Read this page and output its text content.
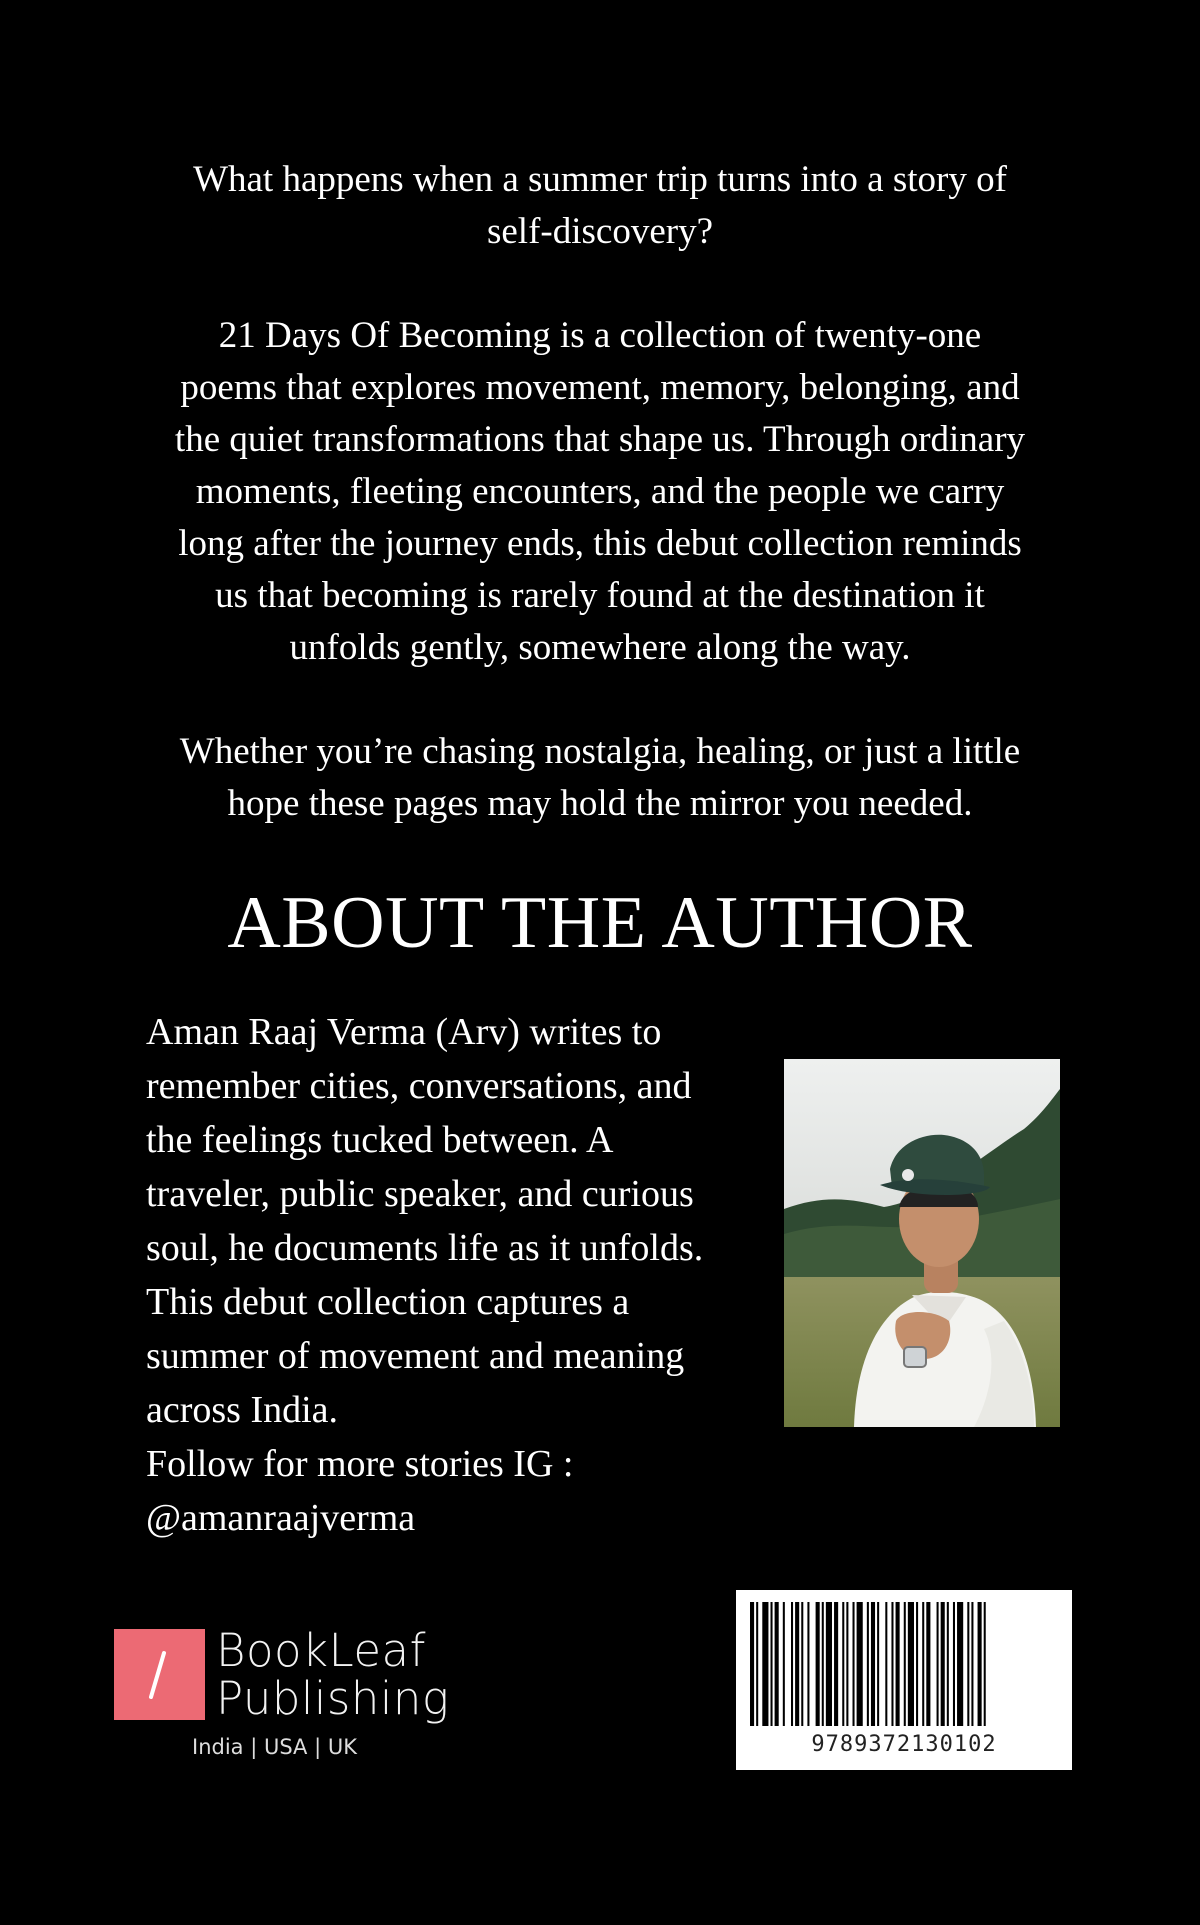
What happens when a summer trip turns into a story of
self-discovery?

21 Days Of Becoming is a collection of twenty-one
poems that explores movement, memory, belonging, and
the quiet transformations that shape us. Through ordinary
moments, fleeting encounters, and the people we carry
long after the journey ends, this debut collection reminds
us that becoming is rarely found at the destination it
unfolds gently, somewhere along the way.

Whether you’re chasing nostalgia, healing, or just a little
hope these pages may hold the mirror you needed.

ABOUT THE AUTHOR

Aman Raaj Verma (Arv) writes to

remember cities, conversations, and

the feelings tucked between. A

traveler, public speaker, and curious

soul, he documents life as it unfolds.

This debut collection captures a

summer of movement and meaning

across India.

Follow for more stories IG :

@amanraajverma

BookLeaf
Publishing
India | USA | UK	9789372130102
